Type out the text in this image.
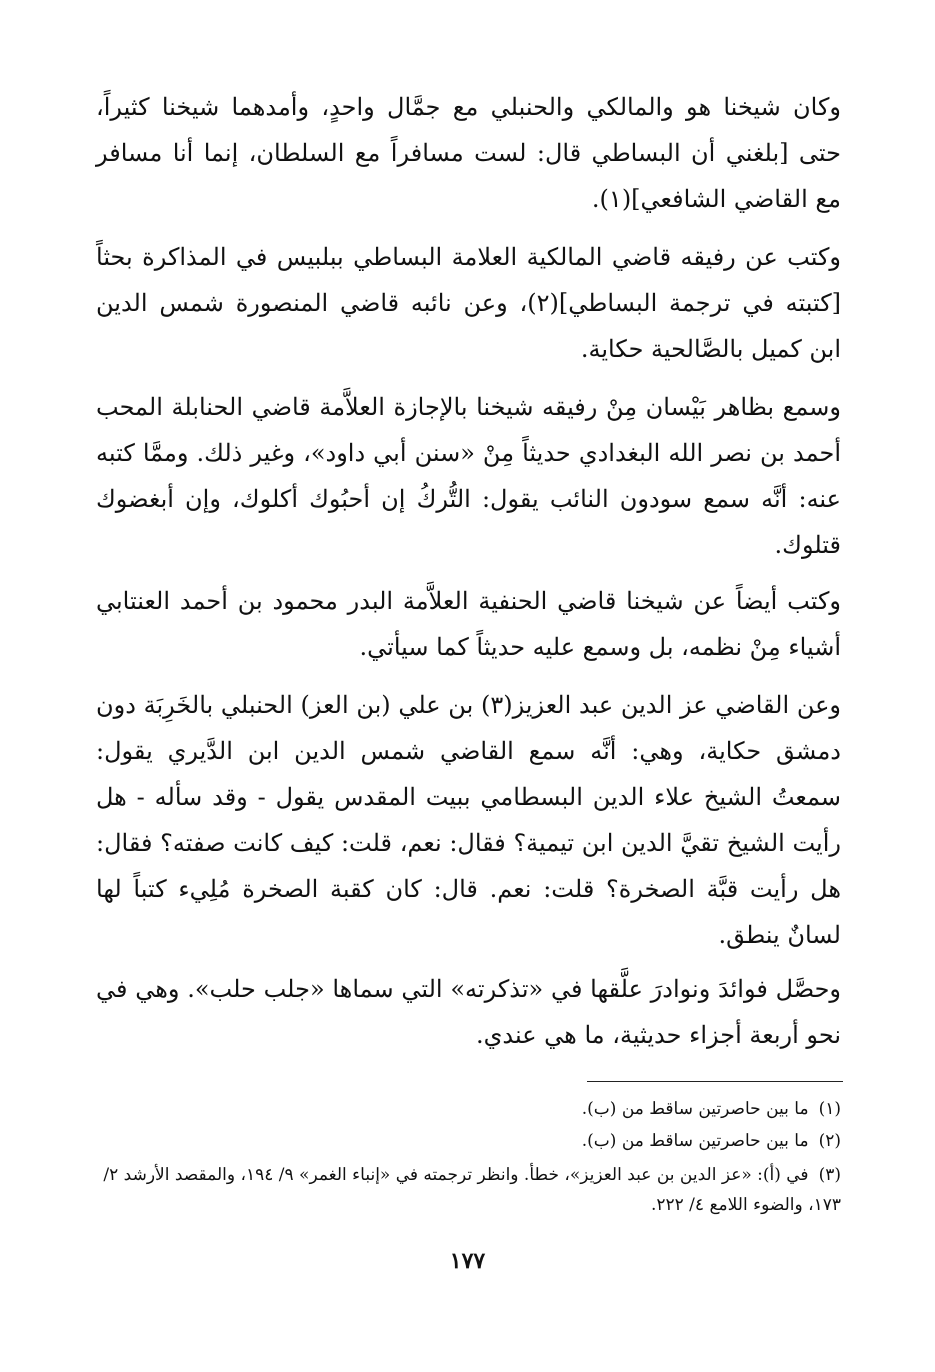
وكان شيخنا هو والمالكي والحنبلي مع جمَّال واحدٍ، وأمدهما شيخنا كثيراً، حتى [بلغني أن البساطي قال: لست مسافراً مع السلطان، إنما أنا مسافر مع القاضي الشافعي](١).

وكتب عن رفيقه قاضي المالكية العلامة البساطي ببلبيس في المذاكرة بحثاً [كتبته في ترجمة البساطي](٢)، وعن نائبه قاضي المنصورة شمس الدين ابن كميل بالصَّالحية حكاية.

وسمع بظاهر بَيْسان مِنْ رفيقه شيخنا بالإجازة العلاَّمة قاضي الحنابلة المحب أحمد بن نصر الله البغدادي حديثاً مِنْ «سنن أبي داود»، وغير ذلك. وممَّا كتبه عنه: أنَّه سمع سودون النائب يقول: التُّركُ إن أحبُوك أكلوك، وإن أبغضوك قتلوك.

وكتب أيضاً عن شيخنا قاضي الحنفية العلاَّمة البدر محمود بن أحمد العنتابي أشياء مِنْ نظمه، بل وسمع عليه حديثاً كما سيأتي.

وعن القاضي عز الدين عبد العزيز(٣) بن علي (بن العز) الحنبلي بالخَرِبَة دون دمشق حكاية، وهي: أنَّه سمع القاضي شمس الدين ابن الدَّيري يقول: سمعتُ الشيخ علاء الدين البسطامي ببيت المقدس يقول - وقد سأله - هل رأيت الشيخ تقيَّ الدين ابن تيمية؟ فقال: نعم، قلت: كيف كانت صفته؟ فقال: هل رأيت قبَّة الصخرة؟ قلت: نعم. قال: كان كقبة الصخرة مُلِيء كتباً لها لسانٌ ينطق.

وحصَّل فوائدَ ونوادرَ علَّقها في «تذكرته» التي سماها «جلب حلب». وهي في نحو أربعة أجزاء حديثية، ما هي عندي.

(١)ما بين حاصرتين ساقط من (ب).

(٢)ما بين حاصرتين ساقط من (ب).

(٣)في (أ): «عز الدين بن عبد العزيز»، خطأ. وانظر ترجمته في «إنباء الغمر» ٩/ ١٩٤، والمقصد الأرشد ٢/ ١٧٣، والضوء اللامع ٤/ ٢٢٢.

١٧٧
